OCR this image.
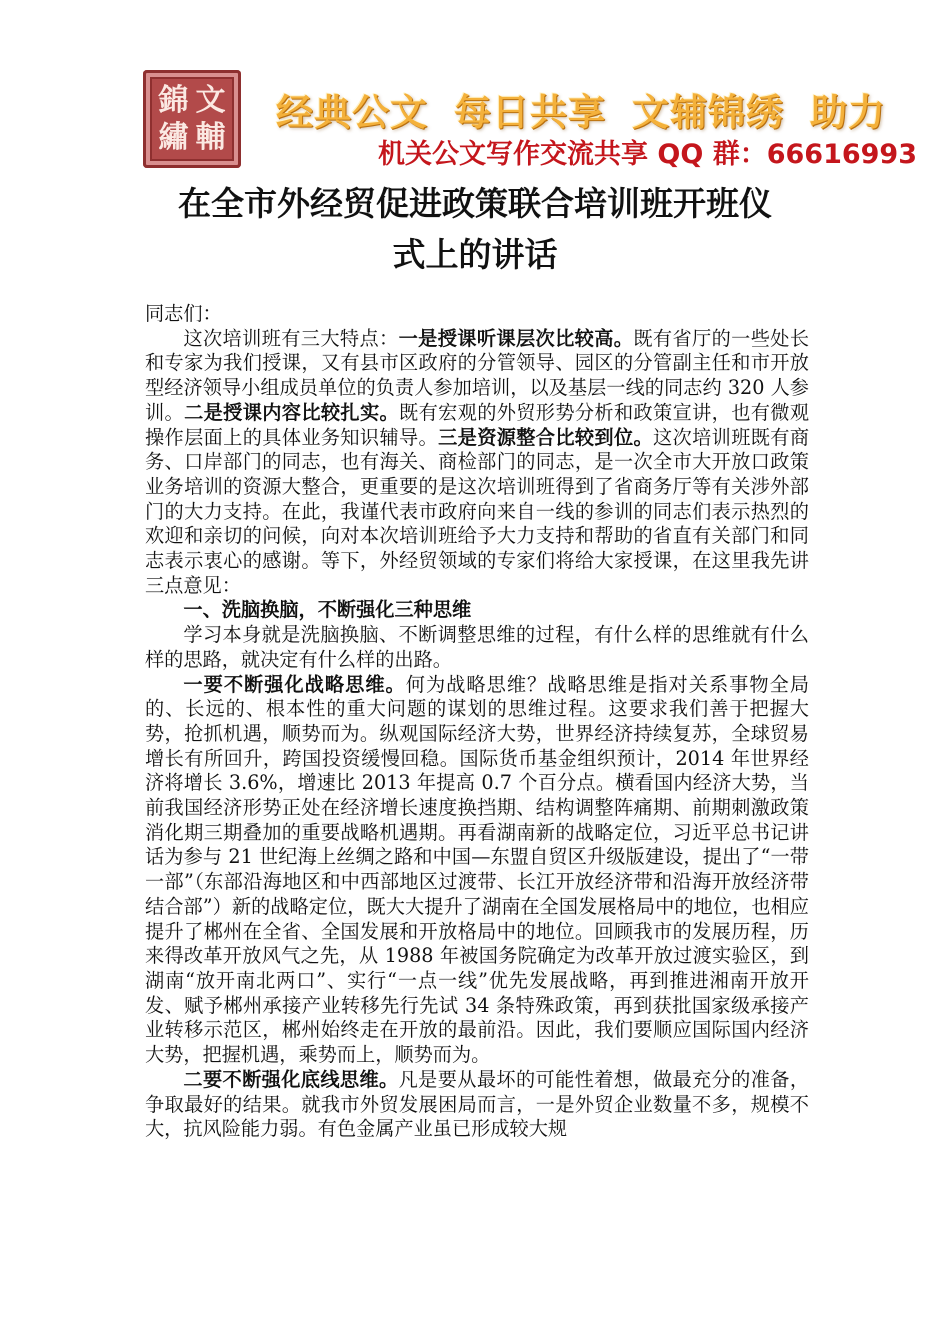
錦 文
繡 輔
经典公文 每日共享 文辅锦绣 助力
机关公文写作交流共享 QQ 群：66616993
在全市外经贸促进政策联合培训班开班仪
式上的讲话

同志们：

这次培训班有三大特点：一是授课听课层次比较高。既有省厅的一些处长和专家为我们授课，又有县市区政府的分管领导、园区的分管副主任和市开放型经济领导小组成员单位的负责人参加培训，以及基层一线的同志约 320 人参训。二是授课内容比较扎实。既有宏观的外贸形势分析和政策宣讲，也有微观操作层面上的具体业务知识辅导。三是资源整合比较到位。这次培训班既有商务、口岸部门的同志，也有海关、商检部门的同志，是一次全市大开放口政策业务培训的资源大整合，更重要的是这次培训班得到了省商务厅等有关涉外部门的大力支持。在此，我谨代表市政府向来自一线的参训的同志们表示热烈的欢迎和亲切的问候，向对本次培训班给予大力支持和帮助的省直有关部门和同志表示衷心的感谢。等下，外经贸领域的专家们将给大家授课，在这里我先讲三点意见：

一、洗脑换脑，不断强化三种思维

学习本身就是洗脑换脑、不断调整思维的过程，有什么样的思维就有什么样的思路，就决定有什么样的出路。

一要不断强化战略思维。何为战略思维？战略思维是指对关系事物全局的、长远的、根本性的重大问题的谋划的思维过程。这要求我们善于把握大势，抢抓机遇，顺势而为。纵观国际经济大势，世界经济持续复苏，全球贸易增长有所回升，跨国投资缓慢回稳。国际货币基金组织预计，2014 年世界经济将增长 3.6%，增速比 2013 年提高 0.7 个百分点。横看国内经济大势，当前我国经济形势正处在经济增长速度换挡期、结构调整阵痛期、前期刺激政策消化期三期叠加的重要战略机遇期。再看湖南新的战略定位，习近平总书记讲话为参与 21 世纪海上丝绸之路和中国—东盟自贸区升级版建设，提出了“一带一部”（东部沿海地区和中西部地区过渡带、长江开放经济带和沿海开放经济带结合部”）新的战略定位，既大大提升了湖南在全国发展格局中的地位，也相应提升了郴州在全省、全国发展和开放格局中的地位。回顾我市的发展历程，历来得改革开放风气之先，从 1988 年被国务院确定为改革开放过渡实验区，到湖南“放开南北两口”、实行“一点一线”优先发展战略，再到推进湘南开放开发、赋予郴州承接产业转移先行先试 34 条特殊政策，再到获批国家级承接产业转移示范区，郴州始终走在开放的最前沿。因此，我们要顺应国际国内经济大势，把握机遇，乘势而上，顺势而为。

二要不断强化底线思维。凡是要从最坏的可能性着想，做最充分的准备，争取最好的结果。就我市外贸发展困局而言，一是外贸企业数量不多，规模不大，抗风险能力弱。有色金属产业虽已形成较大规
